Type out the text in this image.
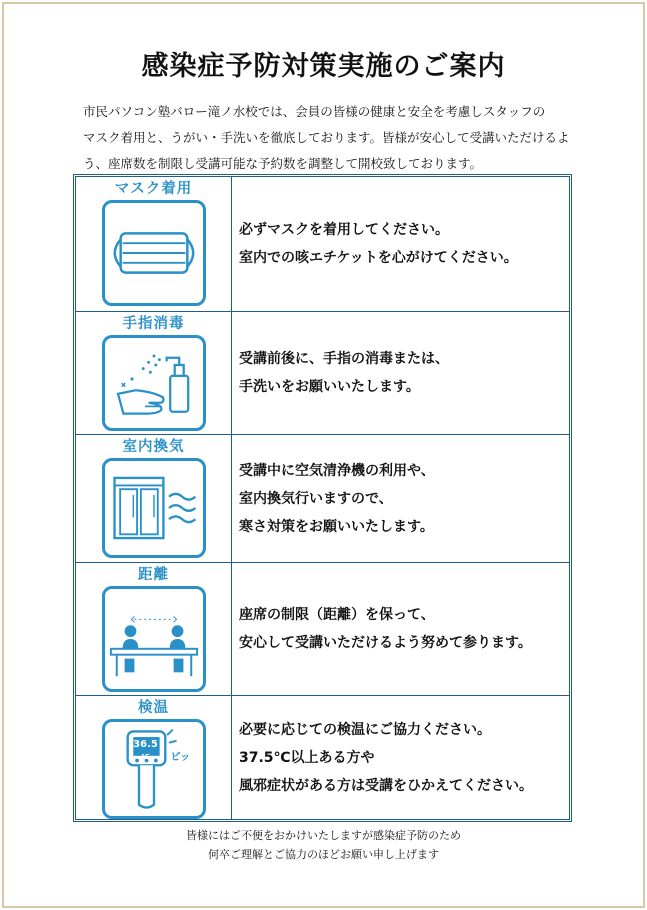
感染症予防対策実施のご案内

市民パソコン塾バロー滝ノ水校では、会員の皆様の健康と安全を考慮しスタッフの
マスク着用と、うがい・手洗いを徹底しております。皆様が安心して受講いただけるよ
う、座席数を制限し受講可能な予約数を調整して開校致しております。

マスク着用
必ずマスクを着用してください。
室内での咳エチケットを心がけてください。
手指消毒
受講前後に、手指の消毒または、
手洗いをお願いいたします。
室内換気
受講中に空気清浄機の利用や、
室内換気行いますので、
寒さ対策をお願いいたします。
距離
座席の制限（距離）を保って、
安心して受講いただけるよう努めて参ります。
検温
36.5
℃	ピッ
必要に応じての検温にご協力ください。
37.5℃以上ある方や
風邪症状がある方は受講をひかえてください。
皆様にはご不便をおかけいたしますが感染症予防のため
何卒ご理解とご協力のほどお願い申し上げます
